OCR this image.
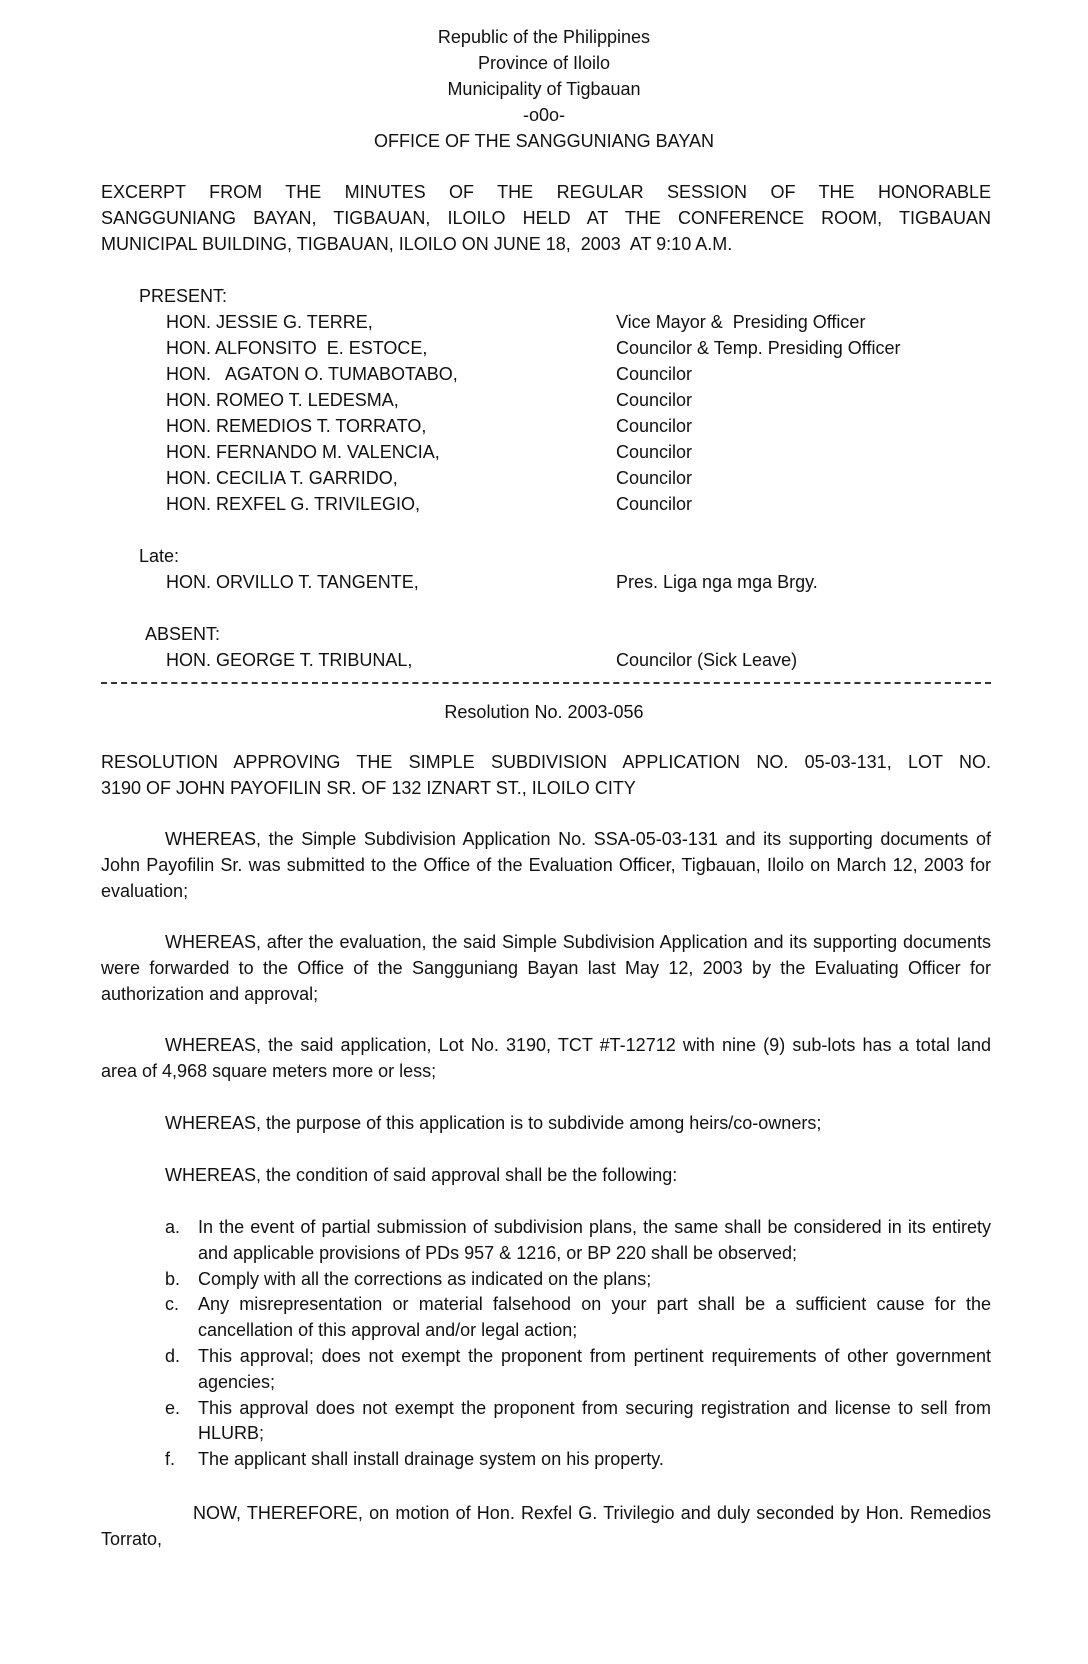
Republic of the Philippines
Province of Iloilo
Municipality of Tigbauan
-o0o-
OFFICE OF THE SANGGUNIANG BAYAN
EXCERPT FROM THE MINUTES OF THE REGULAR SESSION OF THE HONORABLE
SANGGUNIANG BAYAN, TIGBAUAN, ILOILO HELD AT THE CONFERENCE ROOM, TIGBAUAN
MUNICIPAL BUILDING, TIGBAUAN, ILOILO ON JUNE 18,  2003  AT 9:10 A.M.
PRESENT:
HON. JESSIE G. TERRE,	Vice Mayor &  Presiding Officer
HON. ALFONSITO  E. ESTOCE,	Councilor & Temp. Presiding Officer
HON.   AGATON O. TUMABOTABO,	Councilor
HON. ROMEO T. LEDESMA,	Councilor
HON. REMEDIOS T. TORRATO,	Councilor
HON. FERNANDO M. VALENCIA,	Councilor
HON. CECILIA T. GARRIDO,	Councilor
HON. REXFEL G. TRIVILEGIO,	Councilor
Late:
HON. ORVILLO T. TANGENTE,	Pres. Liga nga mga Brgy.
ABSENT:
HON. GEORGE T. TRIBUNAL,	Councilor (Sick Leave)
Resolution No. 2003-056
RESOLUTION APPROVING THE SIMPLE SUBDIVISION APPLICATION NO. 05-03-131, LOT NO.
3190 OF JOHN PAYOFILIN SR. OF 132 IZNART ST., ILOILO CITY
WHEREAS, the Simple Subdivision Application No. SSA-05-03-131 and its supporting documents of John Payofilin Sr. was submitted to the Office of the Evaluation Officer, Tigbauan, Iloilo on March 12, 2003 for evaluation;
WHEREAS, after the evaluation, the said Simple Subdivision Application and its supporting documents were forwarded to the Office of the Sangguniang Bayan last May 12, 2003 by the Evaluating Officer for authorization and approval;
WHEREAS, the said application, Lot No. 3190, TCT #T-12712 with nine (9) sub-lots has a total land area of 4,968 square meters more or less;
WHEREAS, the purpose of this application is to subdivide among heirs/co-owners;
WHEREAS, the condition of said approval shall be the following:
a. In the event of partial submission of subdivision plans, the same shall be considered in its entirety and applicable provisions of PDs 957 & 1216, or BP 220 shall be observed;
b. Comply with all the corrections as indicated on the plans;
c. Any misrepresentation or material falsehood on your part shall be a sufficient cause for the cancellation of this approval and/or legal action;
d. This approval; does not exempt the proponent from pertinent requirements of other government agencies;
e. This approval does not exempt the proponent from securing registration and license to sell from HLURB;
f. The applicant shall install drainage system on his property.
NOW, THEREFORE, on motion of Hon. Rexfel G. Trivilegio and duly seconded by Hon. Remedios Torrato,
